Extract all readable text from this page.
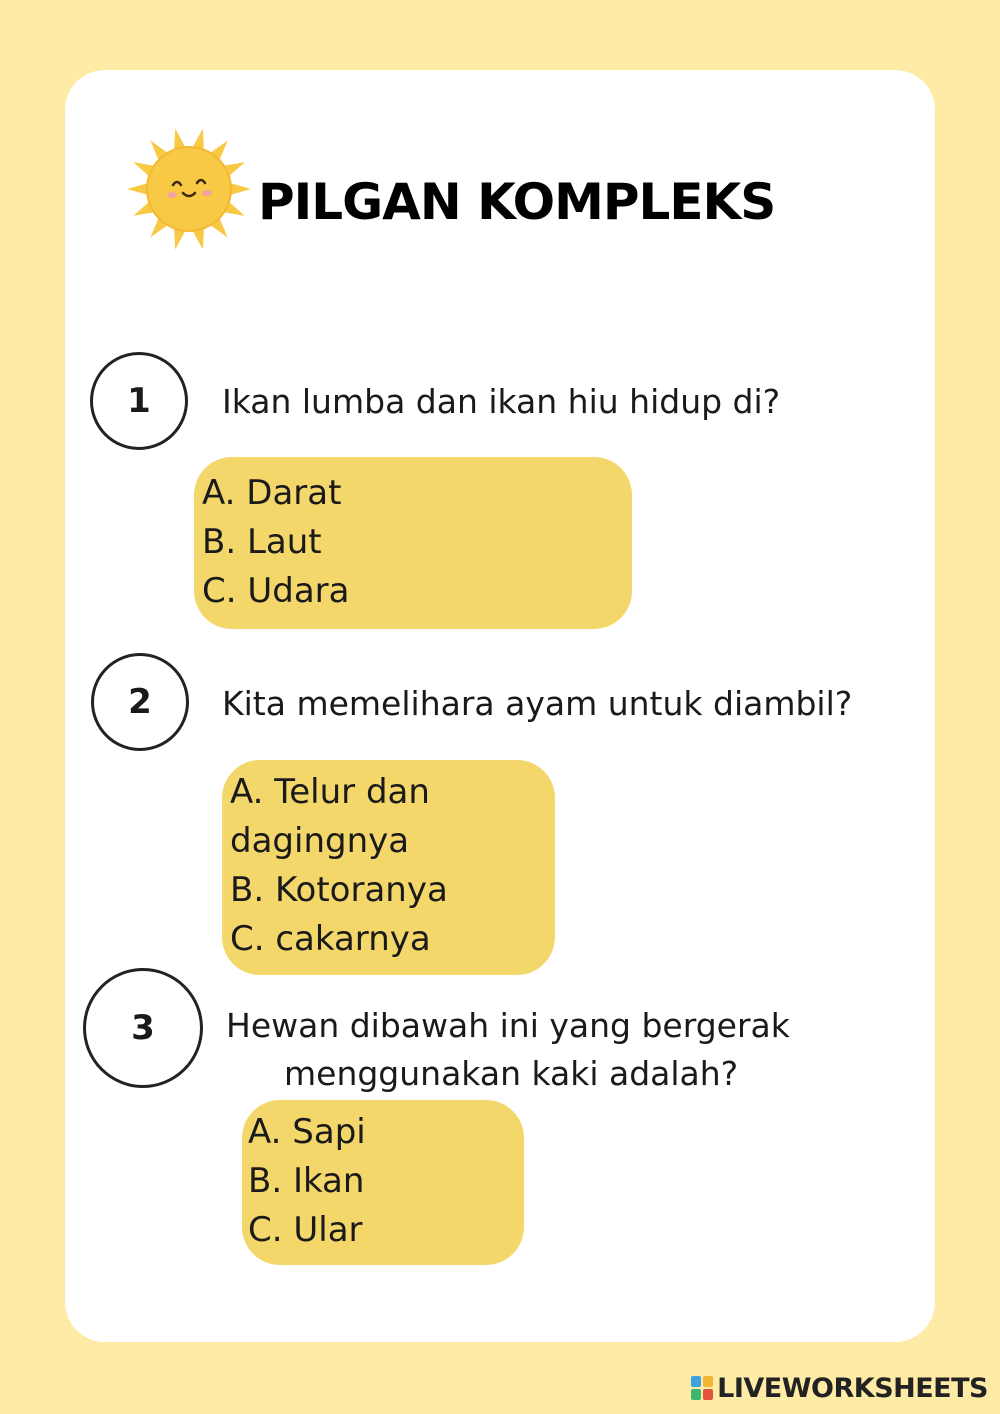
PILGAN KOMPLEKS
1	Ikan lumba dan ikan hiu hidup di?
A. Darat
B. Laut
C. Udara
2	Kita memelihara ayam untuk diambil?
A. Telur dan
dagingnya
B. Kotoranya
C. cakarnya
3	Hewan dibawah ini yang bergerak
menggunakan kaki adalah?
A. Sapi
B. Ikan
C. Ular
LIVEWORKSHEETS
